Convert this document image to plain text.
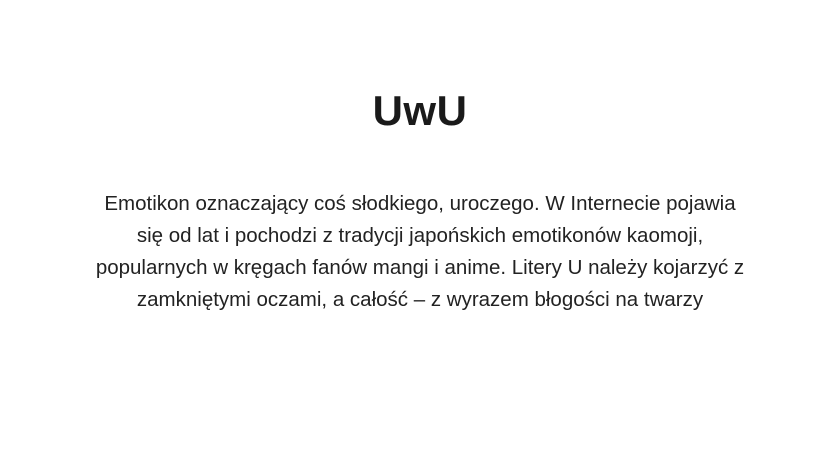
UwU

Emotikon oznaczający coś słodkiego, uroczego. W Internecie pojawia się od lat i pochodzi z tradycji japońskich emotikonów kaomoji, popularnych w kręgach fanów mangi i anime. Litery U należy kojarzyć z zamkniętymi oczami, a całość – z wyrazem błogości na twarzy
